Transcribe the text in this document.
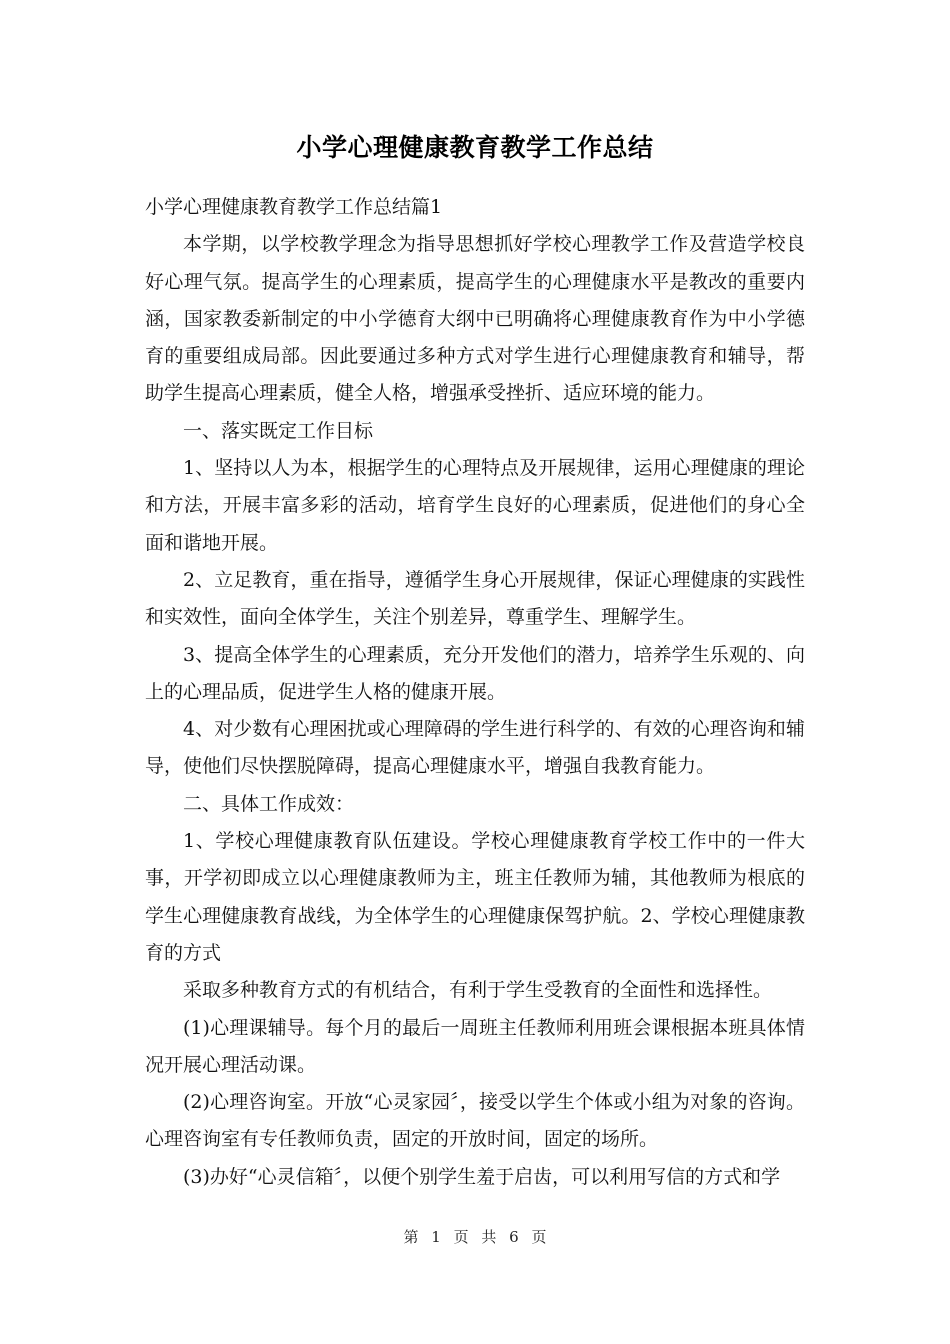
小学心理健康教育教学工作总结

小学心理健康教育教学工作总结篇1

本学期，以学校教学理念为指导思想抓好学校心理教学工作及营造学校良好心理气氛。提高学生的心理素质，提高学生的心理健康水平是教改的重要内涵，国家教委新制定的中小学德育大纲中已明确将心理健康教育作为中小学德育的重要组成局部。因此要通过多种方式对学生进行心理健康教育和辅导，帮助学生提高心理素质，健全人格，增强承受挫折、适应环境的能力。

一、落实既定工作目标

1、坚持以人为本，根据学生的心理特点及开展规律，运用心理健康的理论和方法，开展丰富多彩的活动，培育学生良好的心理素质，促进他们的身心全面和谐地开展。

2、立足教育，重在指导，遵循学生身心开展规律，保证心理健康的实践性和实效性，面向全体学生，关注个别差异，尊重学生、理解学生。

3、提高全体学生的心理素质，充分开发他们的潜力，培养学生乐观的、向上的心理品质，促进学生人格的健康开展。

4、对少数有心理困扰或心理障碍的学生进行科学的、有效的心理咨询和辅导，使他们尽快摆脱障碍，提高心理健康水平，增强自我教育能力。

二、具体工作成效：

1、学校心理健康教育队伍建设。学校心理健康教育学校工作中的一件大事，开学初即成立以心理健康教师为主，班主任教师为辅，其他教师为根底的学生心理健康教育战线，为全体学生的心理健康保驾护航。2、学校心理健康教育的方式

采取多种教育方式的有机结合，有利于学生受教育的全面性和选择性。

(1)心理课辅导。每个月的最后一周班主任教师利用班会课根据本班具体情况开展心理活动课。

(2)心理咨询室。开放“心灵家园〞，接受以学生个体或小组为对象的咨询。心理咨询室有专任教师负责，固定的开放时间，固定的场所。

(3)办好“心灵信箱〞，以便个别学生羞于启齿，可以利用写信的方式和学

第 1 页 共 6 页
